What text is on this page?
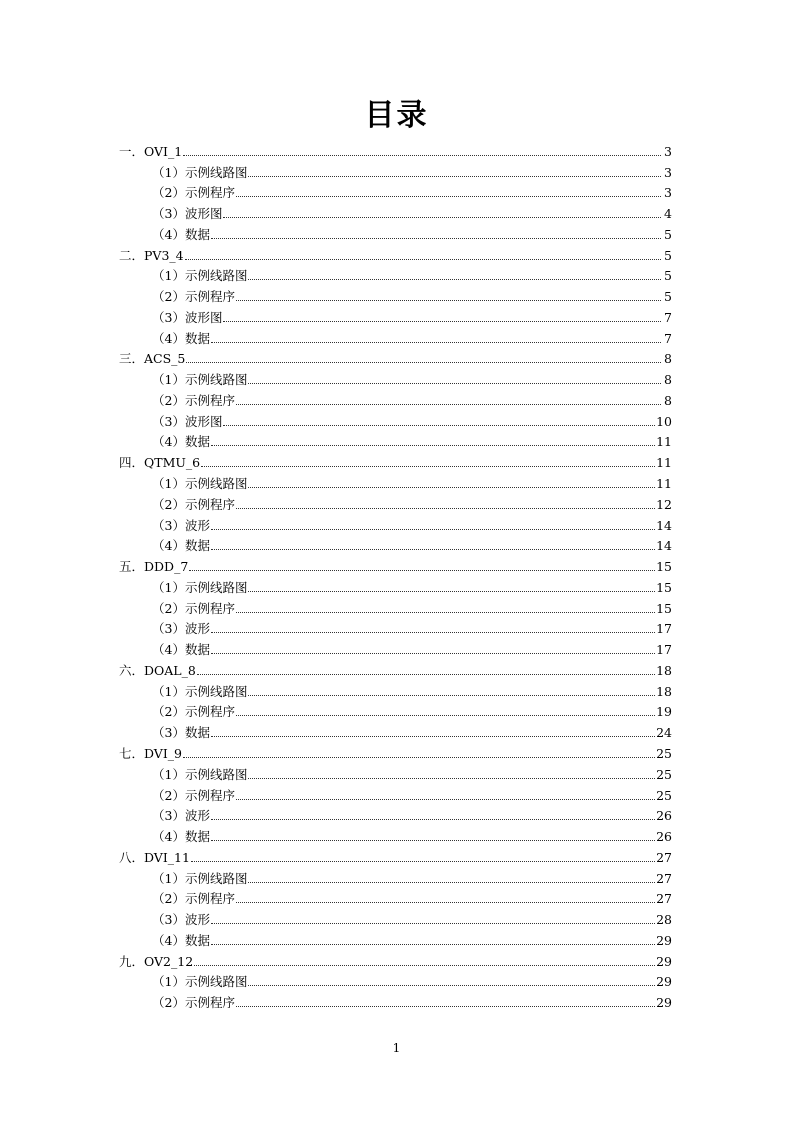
目录
一．OVI_1	3
（1）示例线路图	3
（2）示例程序	3
（3）波形图	4
（4）数据	5
二．PV3_4	5
（1）示例线路图	5
（2）示例程序	5
（3）波形图	7
（4）数据	7
三．ACS_5	8
（1）示例线路图	8
（2）示例程序	8
（3）波形图	10
（4）数据	11
四．QTMU_6	11
（1）示例线路图	11
（2）示例程序	12
（3）波形	14
（4）数据	14
五．DDD_7	15
（1）示例线路图	15
（2）示例程序	15
（3）波形	17
（4）数据	17
六．DOAL_8	18
（1）示例线路图	18
（2）示例程序	19
（3）数据	24
七．DVI_9	25
（1）示例线路图	25
（2）示例程序	25
（3）波形	26
（4）数据	26
八．DVI_11	27
（1）示例线路图	27
（2）示例程序	27
（3）波形	28
（4）数据	29
九．OV2_12	29
（1）示例线路图	29
（2）示例程序	29
1
